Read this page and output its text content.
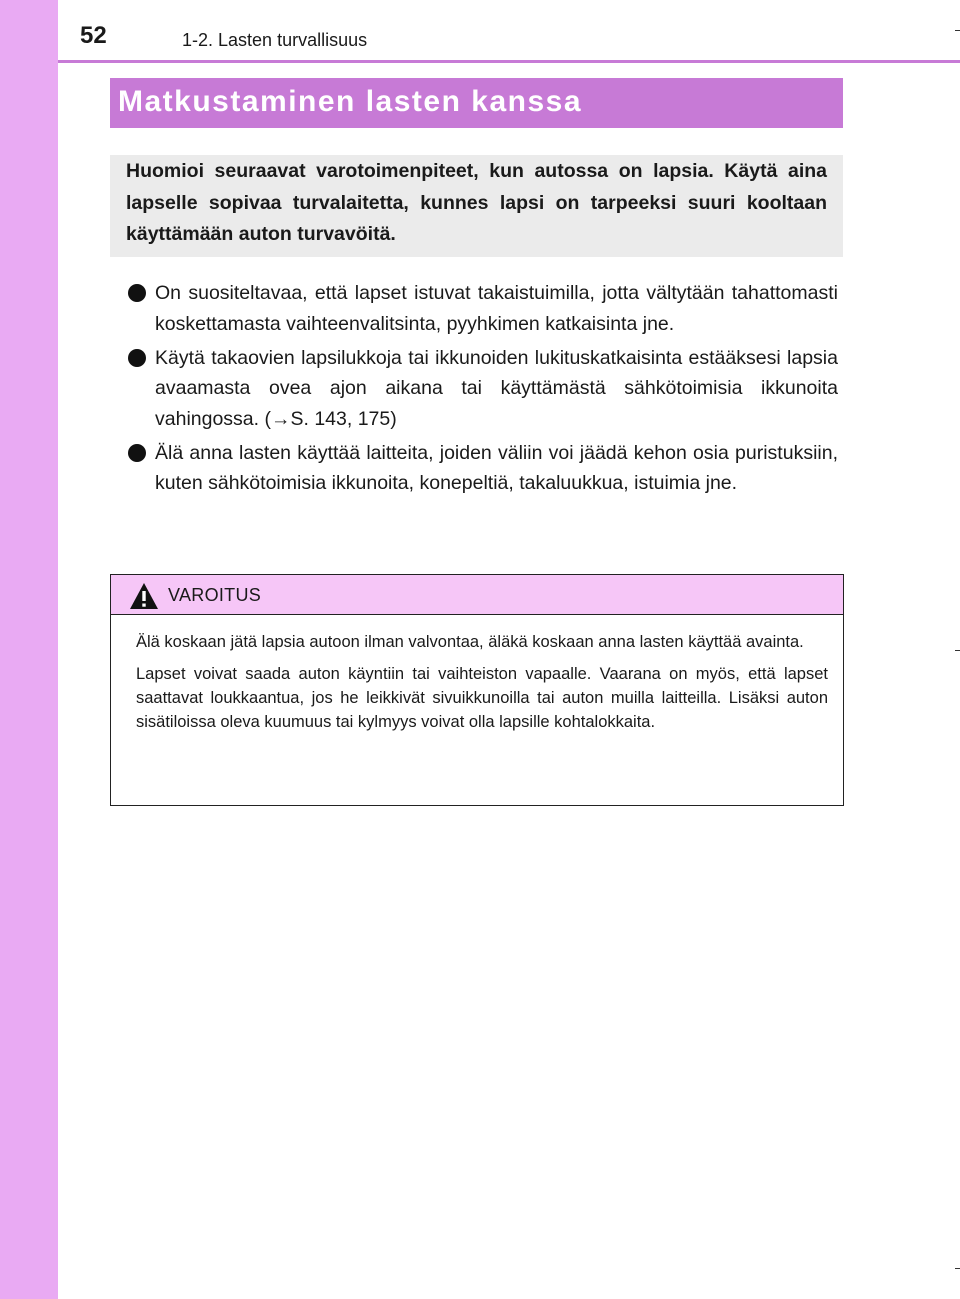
52	1-2. Lasten turvallisuus
Matkustaminen lasten kanssa

Huomioi seuraavat varotoimenpiteet, kun autossa on lapsia. Käytä aina lapselle sopivaa turvalaitetta, kunnes lapsi on tarpeeksi suuri kooltaan käyttämään auton turvavöitä.

On suositeltavaa, että lapset istuvat takaistuimilla, jotta vältytään tahattomasti koskettamasta vaihteenvalitsinta, pyyhkimen katkaisinta jne.
Käytä takaovien lapsilukkoja tai ikkunoiden lukituskatkaisinta estääksesi lapsia avaamasta ovea ajon aikana tai käyttämästä sähkötoimisia ikkunoita vahingossa. (→S. 143, 175)
Älä anna lasten käyttää laitteita, joiden väliin voi jäädä kehon osia puristuksiin, kuten sähkötoimisia ikkunoita, konepeltiä, takaluukkua, istuimia jne.
VAROITUS

Älä koskaan jätä lapsia autoon ilman valvontaa, äläkä koskaan anna lasten käyttää avainta.

Lapset voivat saada auton käyntiin tai vaihteiston vapaalle. Vaarana on myös, että lapset saattavat loukkaantua, jos he leikkivät sivuikkunoilla tai auton muilla laitteilla. Lisäksi auton sisätiloissa oleva kuumuus tai kylmyys voivat olla lapsille kohtalokkaita.
